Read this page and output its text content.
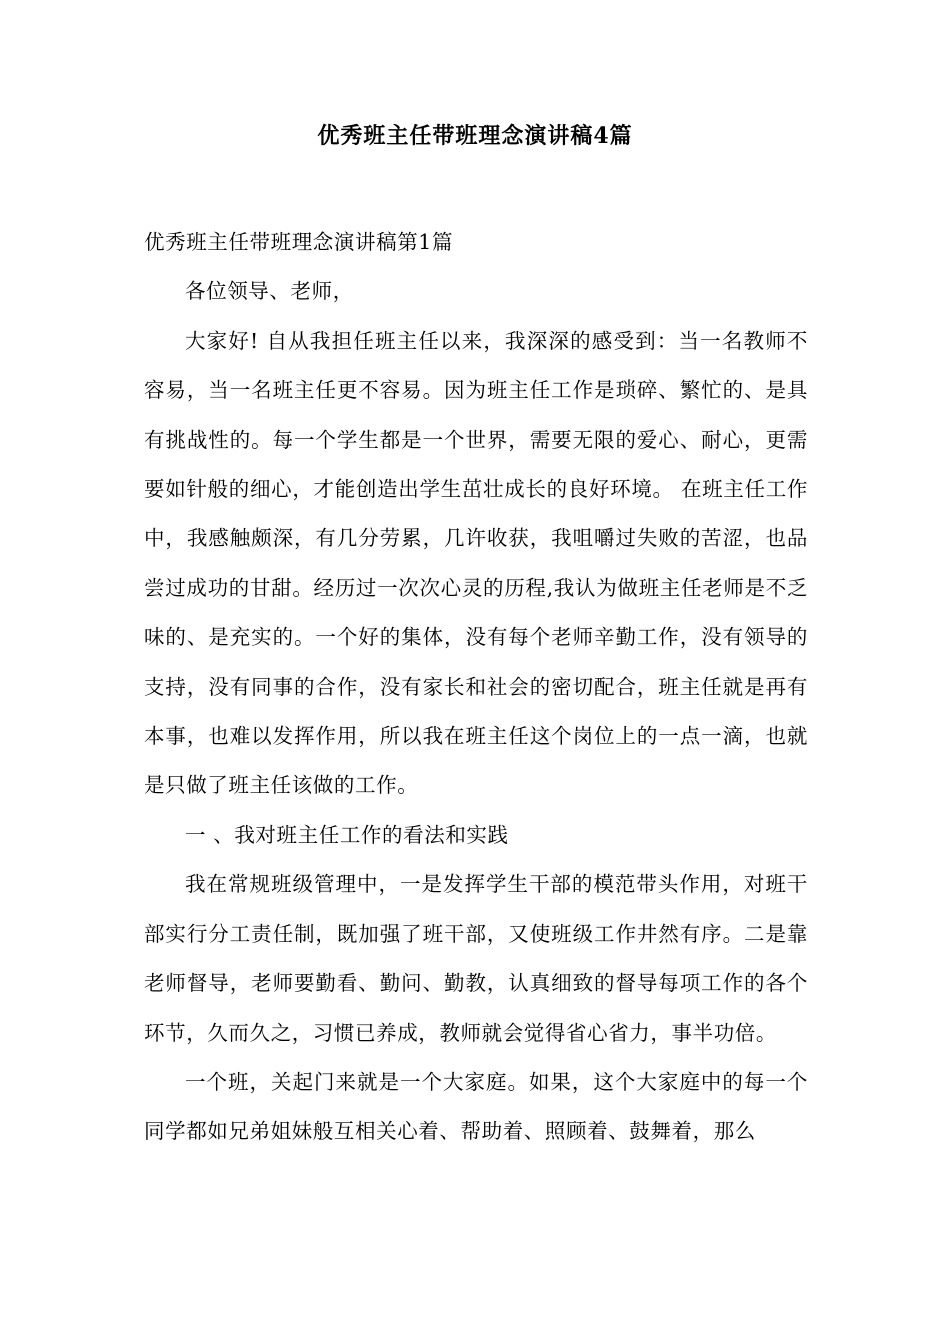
优秀班主任带班理念演讲稿4篇

优秀班主任带班理念演讲稿第1篇

各位领导、老师，

大家好! 自从我担任班主任以来，我深深的感受到：当一名教师不容易，当一名班主任更不容易。因为班主任工作是琐碎、繁忙的、是具有挑战性的。每一个学生都是一个世界，需要无限的爱心、耐心，更需要如针般的细心，才能创造出学生茁壮成长的良好环境。 在班主任工作中，我感触颇深，有几分劳累，几许收获，我咀嚼过失败的苦涩，也品尝过成功的甘甜。经历过一次次心灵的历程,我认为做班主任老师是不乏味的、是充实的。一个好的集体，没有每个老师辛勤工作，没有领导的支持，没有同事的合作，没有家长和社会的密切配合，班主任就是再有本事，也难以发挥作用，所以我在班主任这个岗位上的一点一滴，也就是只做了班主任该做的工作。

一 、我对班主任工作的看法和实践

我在常规班级管理中，一是发挥学生干部的模范带头作用，对班干部实行分工责任制，既加强了班干部，又使班级工作井然有序。二是靠老师督导，老师要勤看、勤问、勤教，认真细致的督导每项工作的各个环节，久而久之，习惯已养成，教师就会觉得省心省力，事半功倍。

一个班，关起门来就是一个大家庭。如果，这个大家庭中的每一个同学都如兄弟姐妹般互相关心着、帮助着、照顾着、鼓舞着，那么
